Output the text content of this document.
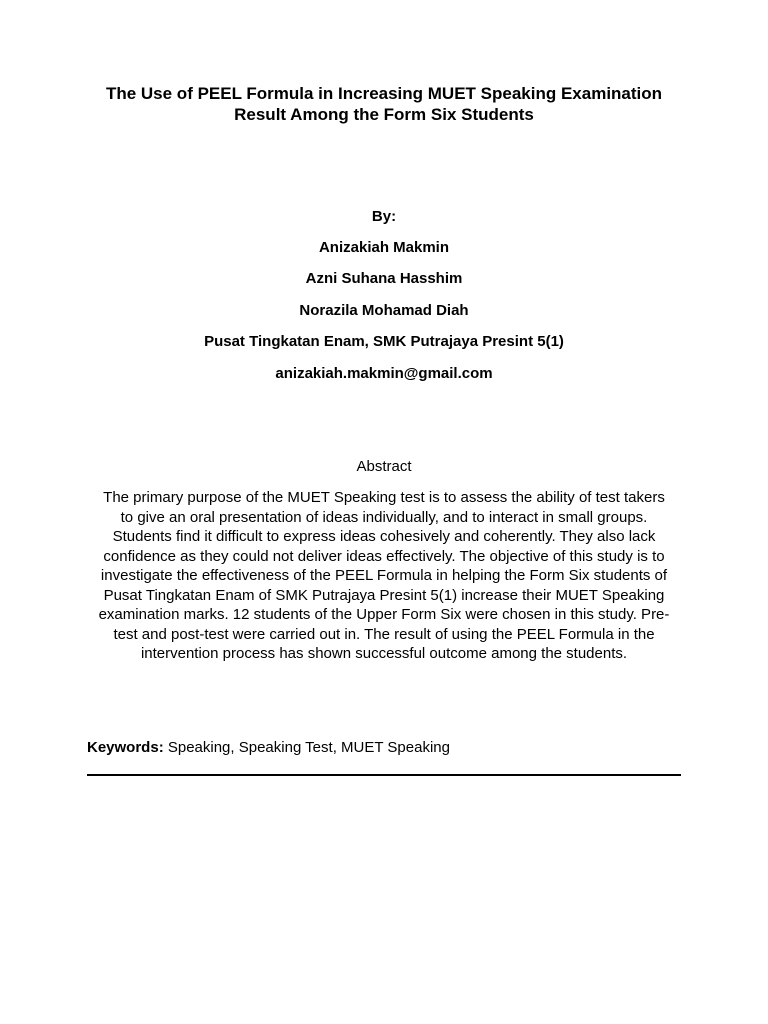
The Use of PEEL Formula in Increasing MUET Speaking Examination
Result Among the Form Six Students
By:
Anizakiah Makmin
Azni Suhana Hasshim
Norazila Mohamad Diah
Pusat Tingkatan Enam, SMK Putrajaya Presint 5(1)
anizakiah.makmin@gmail.com
Abstract
The primary purpose of the MUET Speaking test is to assess the ability of test takers
to give an oral presentation of ideas individually, and to interact in small groups.
Students find it difficult to express ideas cohesively and coherently. They also lack
confidence as they could not deliver ideas effectively. The objective of this study is to
investigate the effectiveness of the PEEL Formula in helping the Form Six students of
Pusat Tingkatan Enam of SMK Putrajaya Presint 5(1) increase their MUET Speaking
examination marks. 12 students of the Upper Form Six were chosen in this study. Pre-
test and post-test were carried out in. The result of using the PEEL Formula in the
intervention process has shown successful outcome among the students.
Keywords: Speaking, Speaking Test, MUET Speaking
